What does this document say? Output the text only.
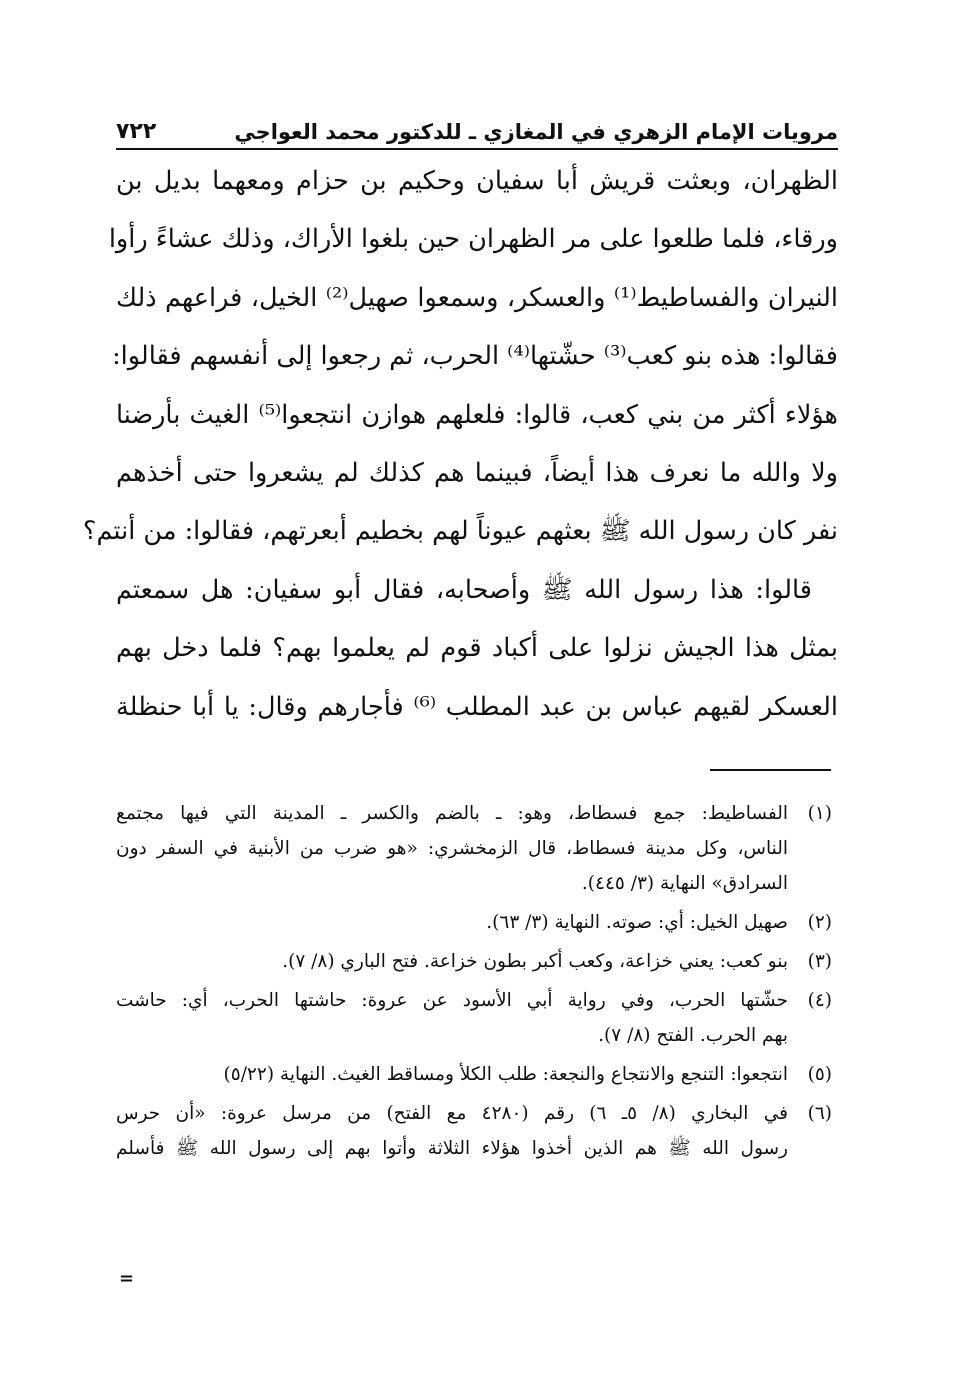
مرويات الإمام الزهري في المغازي ـ للدكتور محمد العواجي
٧٢٢
الظهران، وبعثت قريش أبا سفيان وحكيم بن حزام ومعهما بديل بن
ورقاء، فلما طلعوا على مر الظهران حين بلغوا الأراك، وذلك عشاءً رأوا
النيران والفساطيط⁽¹⁾ والعسكر، وسمعوا صهيل⁽²⁾ الخيل، فراعهم ذلك
فقالوا: هذه بنو كعب⁽³⁾ حشّتها⁽⁴⁾ الحرب، ثم رجعوا إلى أنفسهم فقالوا:
هؤلاء أكثر من بني كعب، قالوا: فلعلهم هوازن انتجعوا⁽⁵⁾ الغيث بأرضنا
ولا والله ما نعرف هذا أيضاً، فبينما هم كذلك لم يشعروا حتى أخذهم
نفر كان رسول الله ﷺ بعثهم عيوناً لهم بخطيم أبعرتهم، فقالوا: من أنتم؟
قالوا: هذا رسول الله ﷺ وأصحابه، فقال أبو سفيان: هل سمعتم
بمثل هذا الجيش نزلوا على أكباد قوم لم يعلموا بهم؟ فلما دخل بهم
العسكر لقيهم عباس بن عبد المطلب ⁽⁶⁾ فأجارهم وقال: يا أبا حنظلة
(١)
الفساطيط: جمع فسطاط، وهو: ـ بالضم والكسر ـ المدينة التي فيها مجتمع
الناس، وكل مدينة فسطاط، قال الزمخشري: «هو ضرب من الأبنية في السفر دون
السرادق» النهاية (٣/ ٤٤٥).
(٢)
صهيل الخيل: أي: صوته. النهاية (٣/ ٦٣).
(٣)
بنو كعب: يعني خزاعة، وكعب أكبر بطون خزاعة. فتح الباري (٨/ ٧).
(٤)
حشّتها الحرب، وفي رواية أبي الأسود عن عروة: حاشتها الحرب، أي: حاشت
بهم الحرب. الفتح (٨/ ٧).
(٥)
انتجعوا: التنجع والانتجاع والنجعة: طلب الكلأ ومساقط الغيث. النهاية (٥/٢٢)
(٦)
في البخاري (٨/ ٥ـ ٦) رقم (٤٢٨٠ مع الفتح) من مرسل عروة: «أن حرس
رسول الله ﷺ هم الذين أخذوا هؤلاء الثلاثة وأتوا بهم إلى رسول الله ﷺ فأسلم
=
